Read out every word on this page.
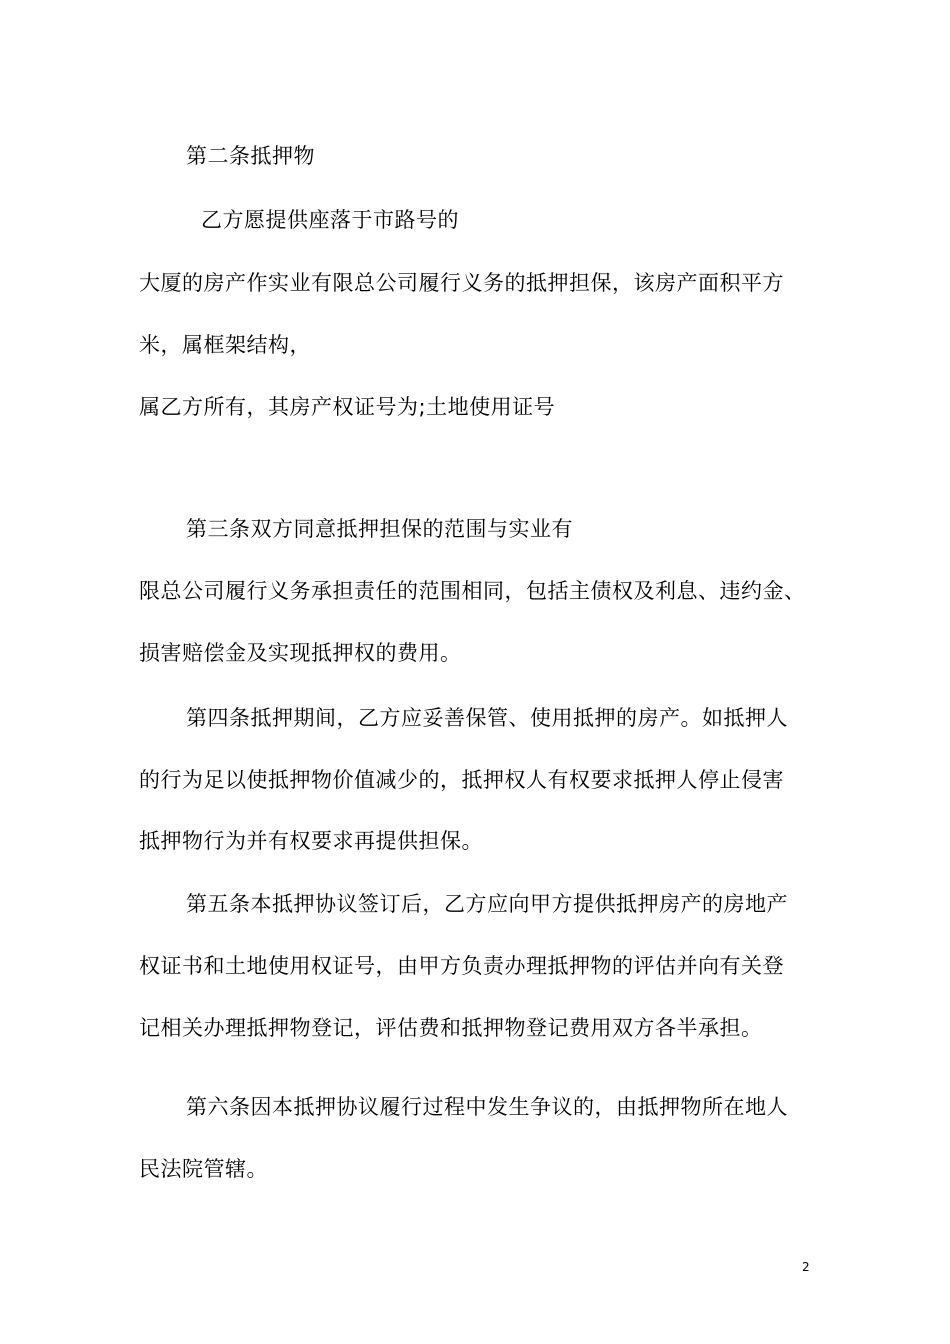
第二条抵押物
乙方愿提供座落于市路号的
大厦的房产作实业有限总公司履行义务的抵押担保，该房产面积平方
米，属框架结构，
属乙方所有，其房产权证号为;土地使用证号
第三条双方同意抵押担保的范围与实业有
限总公司履行义务承担责任的范围相同，包括主债权及利息、违约金、
损害赔偿金及实现抵押权的费用。
第四条抵押期间，乙方应妥善保管、使用抵押的房产。如抵押人
的行为足以使抵押物价值减少的，抵押权人有权要求抵押人停止侵害
抵押物行为并有权要求再提供担保。
第五条本抵押协议签订后，乙方应向甲方提供抵押房产的房地产
权证书和土地使用权证号，由甲方负责办理抵押物的评估并向有关登
记相关办理抵押物登记，评估费和抵押物登记费用双方各半承担。
第六条因本抵押协议履行过程中发生争议的，由抵押物所在地人
民法院管辖。
2
